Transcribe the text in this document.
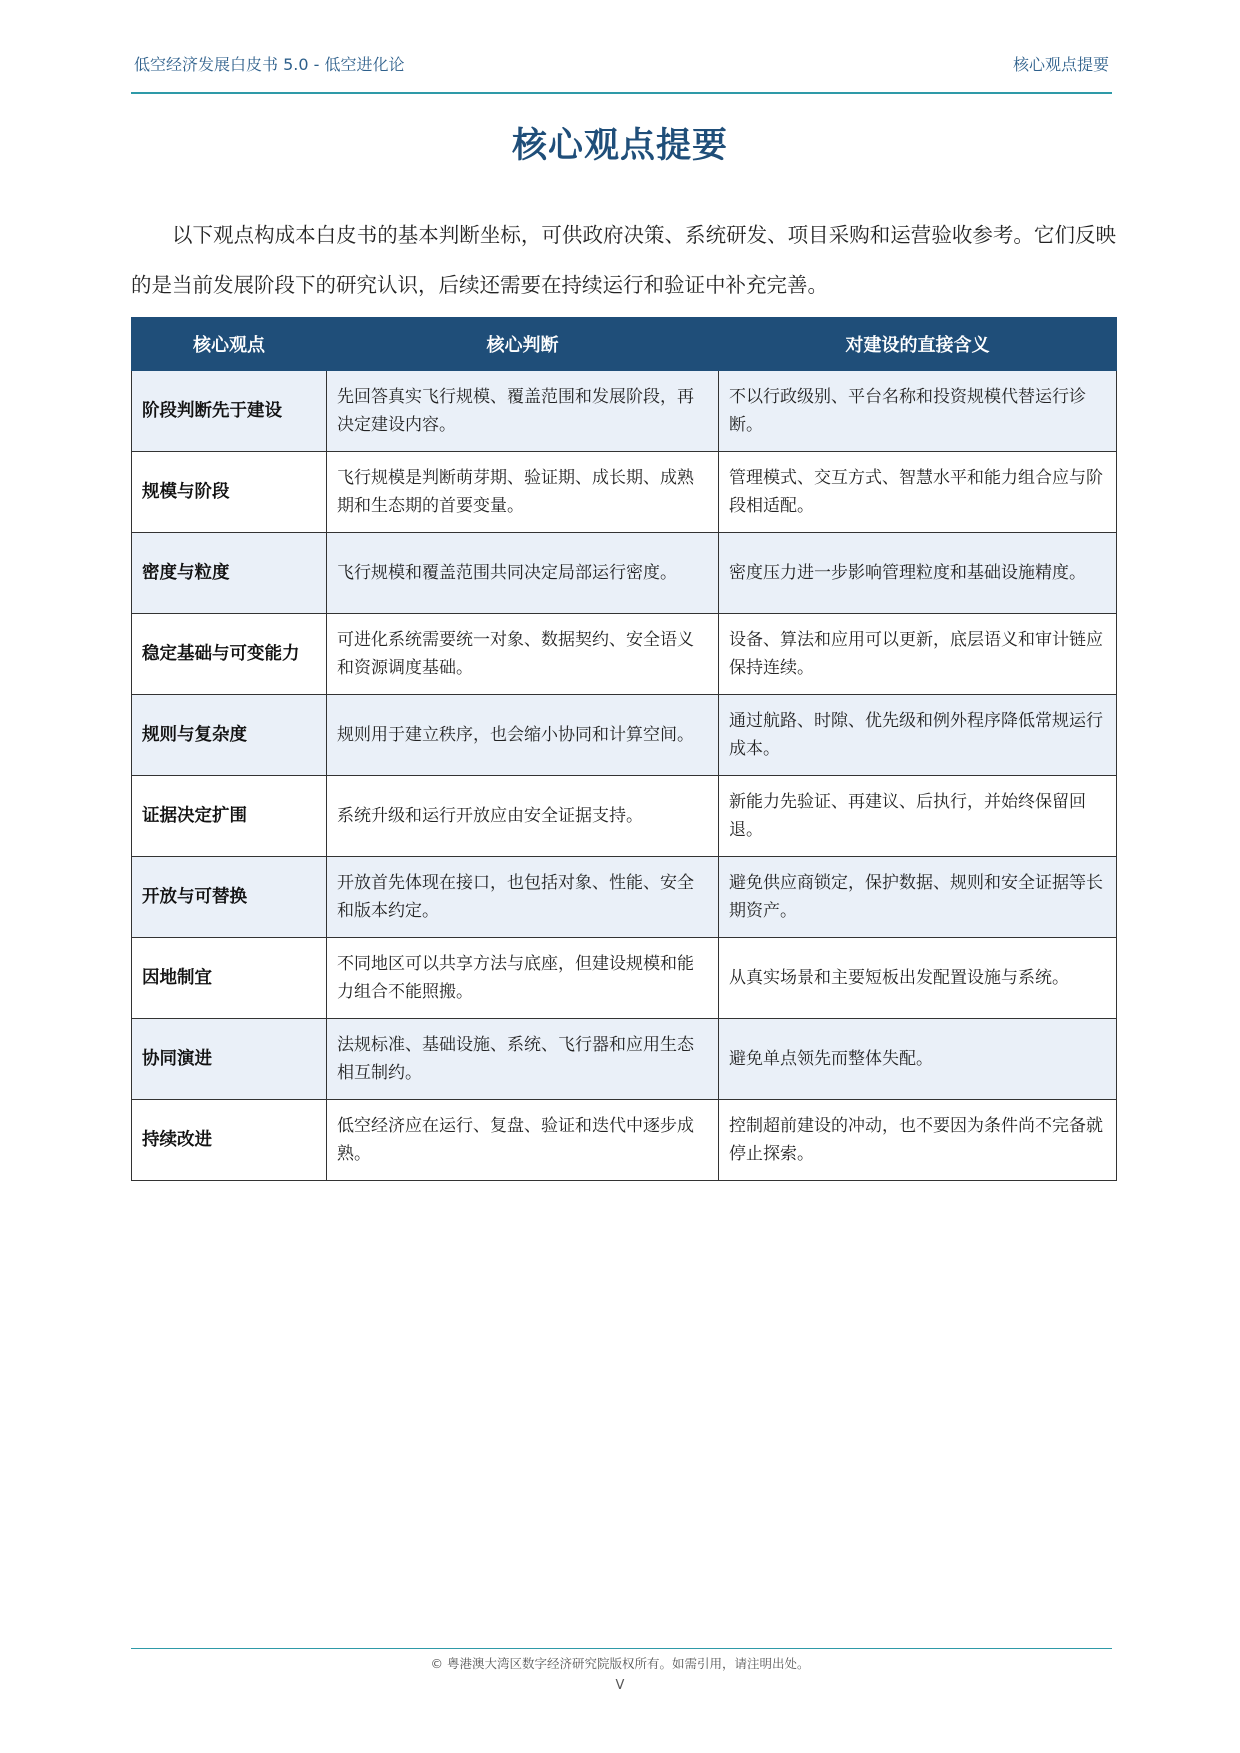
低空经济发展白皮书 5.0 - 低空进化论	核心观点提要
核心观点提要
以下观点构成本白皮书的基本判断坐标，可供政府决策、系统研发、项目采购和运营验收参考。它们反映的是当前发展阶段下的研究认识，后续还需要在持续运行和验证中补充完善。
核心观点	核心判断	对建设的直接含义
阶段判断先于建设	先回答真实飞行规模、覆盖范围和发展阶段，再决定建设内容。	不以行政级别、平台名称和投资规模代替运行诊断。
规模与阶段	飞行规模是判断萌芽期、验证期、成长期、成熟期和生态期的首要变量。	管理模式、交互方式、智慧水平和能力组合应与阶段相适配。
密度与粒度	飞行规模和覆盖范围共同决定局部运行密度。	密度压力进一步影响管理粒度和基础设施精度。
稳定基础与可变能力	可进化系统需要统一对象、数据契约、安全语义和资源调度基础。	设备、算法和应用可以更新，底层语义和审计链应保持连续。
规则与复杂度	规则用于建立秩序，也会缩小协同和计算空间。	通过航路、时隙、优先级和例外程序降低常规运行成本。
证据决定扩围	系统升级和运行开放应由安全证据支持。	新能力先验证、再建议、后执行，并始终保留回退。
开放与可替换	开放首先体现在接口，也包括对象、性能、安全和版本约定。	避免供应商锁定，保护数据、规则和安全证据等长期资产。
因地制宜	不同地区可以共享方法与底座，但建设规模和能力组合不能照搬。	从真实场景和主要短板出发配置设施与系统。
协同演进	法规标准、基础设施、系统、飞行器和应用生态相互制约。	避免单点领先而整体失配。
持续改进	低空经济应在运行、复盘、验证和迭代中逐步成熟。	控制超前建设的冲动，也不要因为条件尚不完备就停止探索。
© 粤港澳大湾区数字经济研究院版权所有。如需引用，请注明出处。
V
